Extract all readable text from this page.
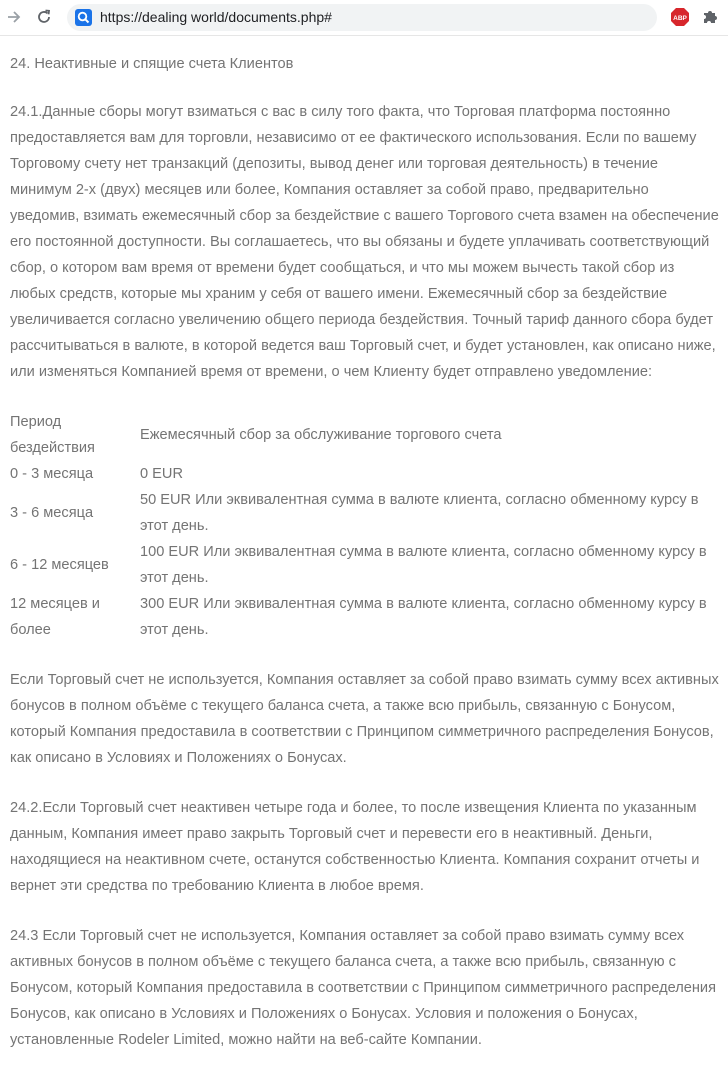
https://dealing world/documents.php#	ABP

24. Неактивные и спящие счета Клиентов

24.1.Данные сборы могут взиматься с вас в силу того факта, что Торговая платформа постоянно предоставляется вам для торговли, независимо от ее фактического использования. Если по вашему Торговому счету нет транзакций (депозиты, вывод денег или торговая деятельность) в течение минимум 2-х (двух) месяцев или более, Компания оставляет за собой право, предварительно уведомив, взимать ежемесячный сбор за бездействие с вашего Торгового счета взамен на обеспечение его постоянной доступности. Вы соглашаетесь, что вы обязаны и будете уплачивать соответствующий сбор, о котором вам время от времени будет сообщаться, и что мы можем вычесть такой сбор из любых средств, которые мы храним у себя от вашего имени. Ежемесячный сбор за бездействие увеличивается согласно увеличению общего периода бездействия. Точный тариф данного сбора будет рассчитываться в валюте, в которой ведется ваш Торговый счет, и будет установлен, как описано ниже, или изменяться Компанией время от времени, о чем Клиенту будет отправлено уведомление:

Период бездействия
Ежемесячный сбор за обслуживание торгового счета
0 - 3 месяца	0 EUR
3 - 6 месяца
50 EUR Или эквивалентная сумма в валюте клиента, согласно обменному курсу в этот день.
6 - 12 месяцев
100 EUR Или эквивалентная сумма в валюте клиента, согласно обменному курсу в этот день.
12 месяцев и более
300 EUR Или эквивалентная сумма в валюте клиента, согласно обменному курсу в этот день.

Если Торговый счет не используется, Компания оставляет за собой право взимать сумму всех активных бонусов в полном объёме с текущего баланса счета, а также всю прибыль, связанную с Бонусом, который Компания предоставила в соответствии с Принципом симметричного распределения Бонусов, как описано в Условиях и Положениях о Бонусах.

24.2.Если Торговый счет неактивен четыре года и более, то после извещения Клиента по указанным данным, Компания имеет право закрыть Торговый счет и перевести его в неактивный. Деньги, находящиеся на неактивном счете, останутся собственностью Клиента. Компания сохранит отчеты и вернет эти средства по требованию Клиента в любое время.

24.3 Если Торговый счет не используется, Компания оставляет за собой право взимать сумму всех активных бонусов в полном объёме с текущего баланса счета, а также всю прибыль, связанную с Бонусом, который Компания предоставила в соответствии с Принципом симметричного распределения Бонусов, как описано в Условиях и Положениях о Бонусах. Условия и положения о Бонусах, установленные Rodeler Limited, можно найти на веб-сайте Компании.
